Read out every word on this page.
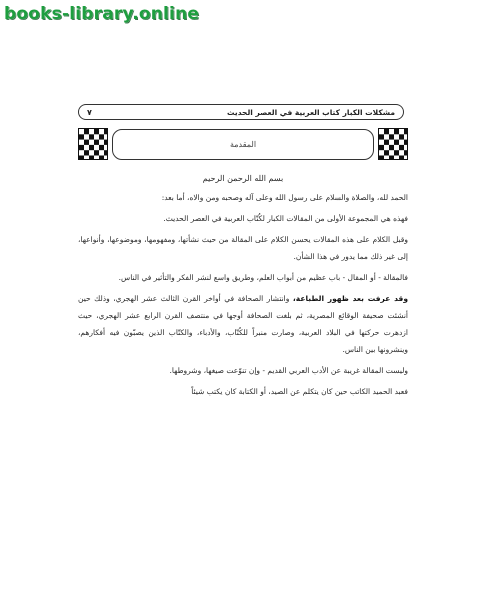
books-library.online
مشكلات الكبار كتاب العربية في العصر الحديث
٧
المقدمة
بسم الله الرحمن الرحيم

الحمد لله، والصلاة والسلام على رسول الله وعلى آله وصحبه ومن والاه، أما بعد:

فهذه هي المجموعة الأولى من المقالات الكبار لكُتّاب العربية في العصر الحديث.

وقبل الكلام على هذه المقالات يحسن الكلام على المقالة من حيث نشأتها، ومفهومها، وموضوعها، وأنواعها، إلى غير ذلك مما يدور في هذا الشأن.

فالمقالة - أو المقال - باب عظيم من أبواب العلم، وطريق واسع لنشر الفكر والتأثير في الناس.

وقد عرفت بعد ظهور الطباعة، وانتشار الصحافة في أواخر القرن الثالث عشر الهجري، وذلك حين أنشئت صحيفة الوقائع المصرية، ثم بلغت الصحافة أوجها في منتصف القرن الرابع عشر الهجري، حيث ازدهرت حركتها في البلاد العربية، وصارت منبراً للكُتّاب، والأدباء، والكتّاب الذين يصبّون فيه أفكارهم، وينشرونها بين الناس.

وليست المقالة غريبة عن الأدب العربي القديم - وإن تنوّعت صيغها، وشروطها.

فعبد الحميد الكاتب حين كان يتكلم عن الصيد، أو الكتابة كان يكتب شيئاً
